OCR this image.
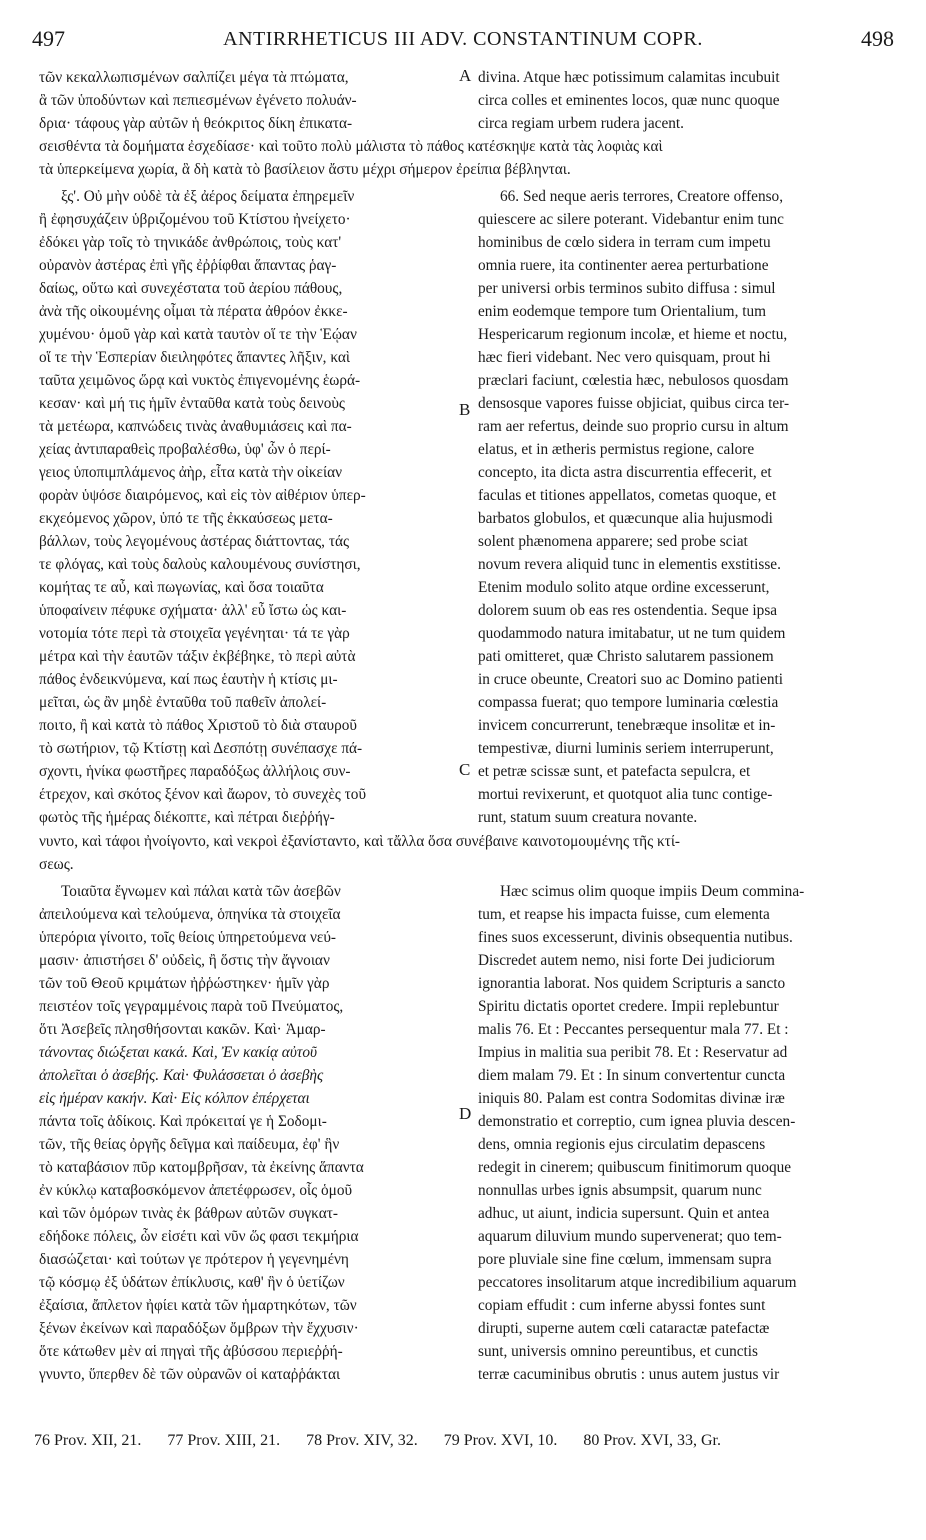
497	ANTIRRHETICUS III ADV. CONSTANTINUM COPR.	498
τῶν κεκαλλωπισμένων σαλπίζει μέγα τὰ πτώματα,
ἃ τῶν ὑποδύντων καὶ πεπιεσμένων ἐγένετο πολυάν-
δρια· τάφους γὰρ αὐτῶν ἡ θεόκριτος δίκη ἐπικατα-
divina. Atque hæc potissimum calamitas incubuit
circa colles et eminentes locos, quæ nunc quoque
circa regiam urbem rudera jacent.
A
σεισθέντα τὰ δομήματα ἐσχεδίασε· καὶ τοῦτο πολὺ μάλιστα τὸ πάθος κατέσκηψε κατὰ τὰς λοφιὰς καὶ
τὰ ὑπερκείμενα χωρία, ἃ δὴ κατὰ τὸ βασίλειον ἄστυ μέχρι σήμερον ἐρείπια βέβληνται.
ξς'. Οὐ μὴν οὐδὲ τὰ ἐξ ἀέρος δείματα ἐπηρεμεῖν
ἢ ἐφησυχάζειν ὑβριζομένου τοῦ Κτίστου ἠνείχετο·
ἐδόκει γὰρ τοῖς τὸ τηνικάδε ἀνθρώποις, τοὺς κατ'
οὐρανὸν ἀστέρας ἐπὶ γῆς ἐῤῥίφθαι ἅπαντας ῥαγ-
δαίως, οὕτω καὶ συνεχέστατα τοῦ ἀερίου πάθους,
ἀνὰ τῆς οἰκουμένης οἶμαι τὰ πέρατα ἀθρόον ἐκκε-
χυμένου· ὁμοῦ γὰρ καὶ κατὰ ταυτὸν οἵ τε τὴν Ἑῴαν
οἵ τε τὴν Ἑσπερίαν διειληφότες ἅπαντες λῆξιν, καὶ
ταῦτα χειμῶνος ὥρᾳ καὶ νυκτὸς ἐπιγενομένης ἑωρά-
κεσαν· καὶ μή τις ἡμῖν ἐνταῦθα κατὰ τοὺς δεινοὺς
τὰ μετέωρα, καπνώδεις τινὰς ἀναθυμιάσεις καὶ πα-
χείας ἀντιπαραθεὶς προβαλέσθω, ὑφ' ὧν ὁ περί-
γειος ὑποπιμπλάμενος ἀὴρ, εἶτα κατὰ τὴν οἰκείαν
φορὰν ὑψόσε διαιρόμενος, καὶ εἰς τὸν αἰθέριον ὑπερ-
εκχεόμενος χῶρον, ὑπό τε τῆς ἐκκαύσεως μετα-
βάλλων, τοὺς λεγομένους ἀστέρας διάττοντας, τάς
τε φλόγας, καὶ τοὺς δαλοὺς καλουμένους συνίστησι,
κομήτας τε αὖ, καὶ πωγωνίας, καὶ ὅσα τοιαῦτα
ὑποφαίνειν πέφυκε σχήματα· ἀλλ' εὖ ἴστω ὡς και-
νοτομία τότε περὶ τὰ στοιχεῖα γεγένηται· τά τε γὰρ
μέτρα καὶ τὴν ἑαυτῶν τάξιν ἐκβέβηκε, τὸ περὶ αὐτὰ
πάθος ἐνδεικνύμενα, καί πως ἑαυτὴν ἡ κτίσις μι-
μεῖται, ὡς ἂν μηδὲ ἐνταῦθα τοῦ παθεῖν ἀπολεί-
ποιτο, ἢ καὶ κατὰ τὸ πάθος Χριστοῦ τὸ διὰ σταυροῦ
τὸ σωτήριον, τῷ Κτίστῃ καὶ Δεσπότῃ συνέπασχε πά-
σχοντι, ἡνίκα φωστῆρες παραδόξως ἀλλήλοις συν-
έτρεχον, καὶ σκότος ξένον καὶ ἄωρον, τὸ συνεχὲς τοῦ
φωτὸς τῆς ἡμέρας διέκοπτε, καὶ πέτραι διεῤῥήγ-
66. Sed neque aeris terrores, Creatore offenso,
quiescere ac silere poterant. Videbantur enim tunc
hominibus de cœlo sidera in terram cum impetu
omnia ruere, ita continenter aerea perturbatione
per universi orbis terminos subito diffusa : simul
enim eodemque tempore tum Orientalium, tum
Hespericarum regionum incolæ, et hieme et noctu,
hæc fieri videbant. Nec vero quisquam, prout hi
præclari faciunt, cœlestia hæc, nebulosos quosdam
densosque vapores fuisse objiciat, quibus circa ter-
ram aer refertus, deinde suo proprio cursu in altum
elatus, et in ætheris permistus regione, calore
concepto, ita dicta astra discurrentia effecerit, et
faculas et titiones appellatos, cometas quoque, et
barbatos globulos, et quæcunque alia hujusmodi
solent phænomena apparere; sed probe sciat
novum revera aliquid tunc in elementis exstitisse.
Etenim modulo solito atque ordine excesserunt,
dolorem suum ob eas res ostendentia. Seque ipsa
quodammodo natura imitabatur, ut ne tum quidem
pati omitteret, quæ Christo salutarem passionem
in cruce obeunte, Creatori suo ac Domino patienti
compassa fuerat; quo tempore luminaria cœlestia
invicem concurrerunt, tenebræque insolitæ et in-
tempestivæ, diurni luminis seriem interruperunt,
et petræ scissæ sunt, et patefacta sepulcra, et
mortui revixerunt, et quotquot alia tunc contige-
runt, statum suum creatura novante.
B
C
νυντο, καὶ τάφοι ἠνοίγοντο, καὶ νεκροὶ ἐξανίσταντο, καὶ τἄλλα ὅσα συνέβαινε καινοτομουμένης τῆς κτί-
σεως.
Τοιαῦτα ἔγνωμεν καὶ πάλαι κατὰ τῶν ἀσεβῶν
ἀπειλούμενα καὶ τελούμενα, ὁπηνίκα τὰ στοιχεῖα
ὑπερόρια γίνοιτο, τοῖς θείοις ὑπηρετούμενα νεύ-
μασιν· ἀπιστήσει δ' οὐδεὶς, ἢ ὅστις τὴν ἄγνοιαν
τῶν τοῦ Θεοῦ κριμάτων ἠῤῥώστηκεν· ἡμῖν γὰρ
πειστέον τοῖς γεγραμμένοις παρὰ τοῦ Πνεύματος,
ὅτι Ἀσεβεῖς πλησθήσονται κακῶν. Καὶ· Ἁμαρ-
τάνοντας διώξεται κακά. Καὶ, Ἐν κακίᾳ αὐτοῦ
ἀπολεῖται ὁ ἀσεβής. Καὶ· Φυλάσσεται ὁ ἀσεβὴς
εἰς ἡμέραν κακήν. Καὶ· Εἰς κόλπον ἐπέρχεται
πάντα τοῖς ἀδίκοις. Καὶ πρόκειταί γε ἡ Σοδομι-
τῶν, τῆς θείας ὀργῆς δεῖγμα καὶ παίδευμα, ἐφ' ἣν
τὸ καταβάσιον πῦρ κατομβρῆσαν, τὰ ἐκείνης ἅπαντα
ἐν κύκλῳ καταβοσκόμενον ἀπετέφρωσεν, οἷς ὁμοῦ
καὶ τῶν ὁμόρων τινὰς ἐκ βάθρων αὐτῶν συγκατ-
εδήδοκε πόλεις, ὧν εἰσέτι καὶ νῦν ὥς φασι τεκμήρια
διασώζεται· καὶ τούτων γε πρότερον ἡ γεγενημένη
τῷ κόσμῳ ἐξ ὑδάτων ἐπίκλυσις, καθ' ἣν ὁ ὑετίζων
ἐξαίσια, ἄπλετον ἠφίει κατὰ τῶν ἡμαρτηκότων, τῶν
ξένων ἐκείνων καὶ παραδόξων ὄμβρων τὴν ἔχχυσιν·
ὅτε κάτωθεν μὲν αἱ πηγαὶ τῆς ἀβύσσου περιεῤῥή-
γνυντο, ὕπερθεν δὲ τῶν οὐρανῶν οἱ καταῤῥάκται
Hæc scimus olim quoque impiis Deum commina-
tum, et reapse his impacta fuisse, cum elementa
fines suos excesserunt, divinis obsequentia nutibus.
Discredet autem nemo, nisi forte Dei judiciorum
ignorantia laborat. Nos quidem Scripturis a sancto
Spiritu dictatis oportet credere. Impii replebuntur
malis 76. Et : Peccantes persequentur mala 77. Et :
Impius in malitia sua peribit 78. Et : Reservatur ad
diem malam 79. Et : In sinum convertentur cuncta
iniquis 80. Palam est contra Sodomitas divinæ iræ
demonstratio et correptio, cum ignea pluvia descen-
dens, omnia regionis ejus circulatim depascens
redegit in cinerem; quibuscum finitimorum quoque
nonnullas urbes ignis absumpsit, quarum nunc
adhuc, ut aiunt, indicia supersunt. Quin et antea
aquarum diluvium mundo supervenerat; quo tem-
pore pluviale sine fine cœlum, immensam supra
peccatores insolitarum atque incredibilium aquarum
copiam effudit : cum inferne abyssi fontes sunt
dirupti, superne autem cœli cataractæ patefactæ
sunt, universis omnino pereuntibus, et cunctis
terræ cacuminibus obrutis : unus autem justus vir
D
76 Prov. XII, 21. 77 Prov. XIII, 21. 78 Prov. XIV, 32. 79 Prov. XVI, 10. 80 Prov. XVI, 33, Gr.
